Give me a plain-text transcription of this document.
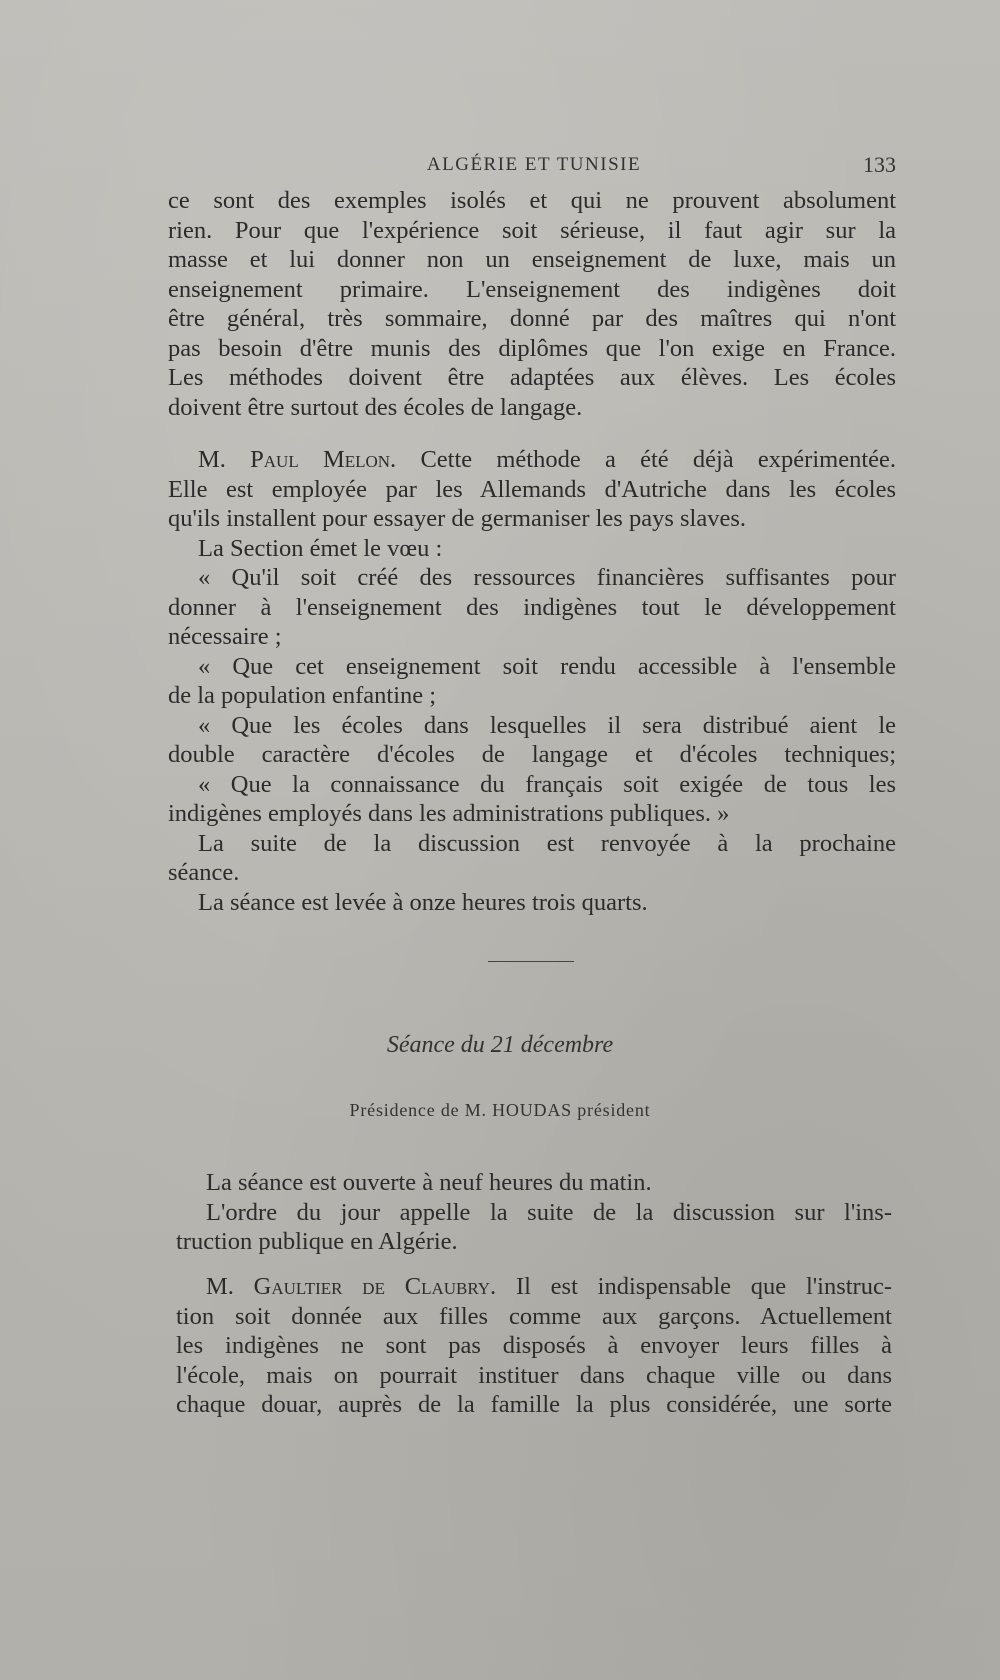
ALGÉRIE ET TUNISIE	133
ce sont des exemples isolés et qui ne prouvent absolument
rien. Pour que l'expérience soit sérieuse, il faut agir sur la
masse et lui donner non un enseignement de luxe, mais un
enseignement primaire. L'enseignement des indigènes doit
être général, très sommaire, donné par des maîtres qui n'ont
pas besoin d'être munis des diplômes que l'on exige en France.
Les méthodes doivent être adaptées aux élèves. Les écoles
doivent être surtout des écoles de langage.
M. Paul Melon. Cette méthode a été déjà expérimentée.
Elle est employée par les Allemands d'Autriche dans les écoles
qu'ils installent pour essayer de germaniser les pays slaves.
La Section émet le vœu :
« Qu'il soit créé des ressources financières suffisantes pour
donner à l'enseignement des indigènes tout le développement
nécessaire ;
« Que cet enseignement soit rendu accessible à l'ensemble
de la population enfantine ;
« Que les écoles dans lesquelles il sera distribué aient le
double caractère d'écoles de langage et d'écoles techniques;
« Que la connaissance du français soit exigée de tous les
indigènes employés dans les administrations publiques. »
La suite de la discussion est renvoyée à la prochaine
séance.
La séance est levée à onze heures trois quarts.
Séance du 21 décembre
Présidence de M. HOUDAS président
La séance est ouverte à neuf heures du matin.
L'ordre du jour appelle la suite de la discussion sur l'ins-
truction publique en Algérie.
M. Gaultier de Claubry. Il est indispensable que l'instruc-
tion soit donnée aux filles comme aux garçons. Actuellement
les indigènes ne sont pas disposés à envoyer leurs filles à
l'école, mais on pourrait instituer dans chaque ville ou dans
chaque douar, auprès de la famille la plus considérée, une sorte
